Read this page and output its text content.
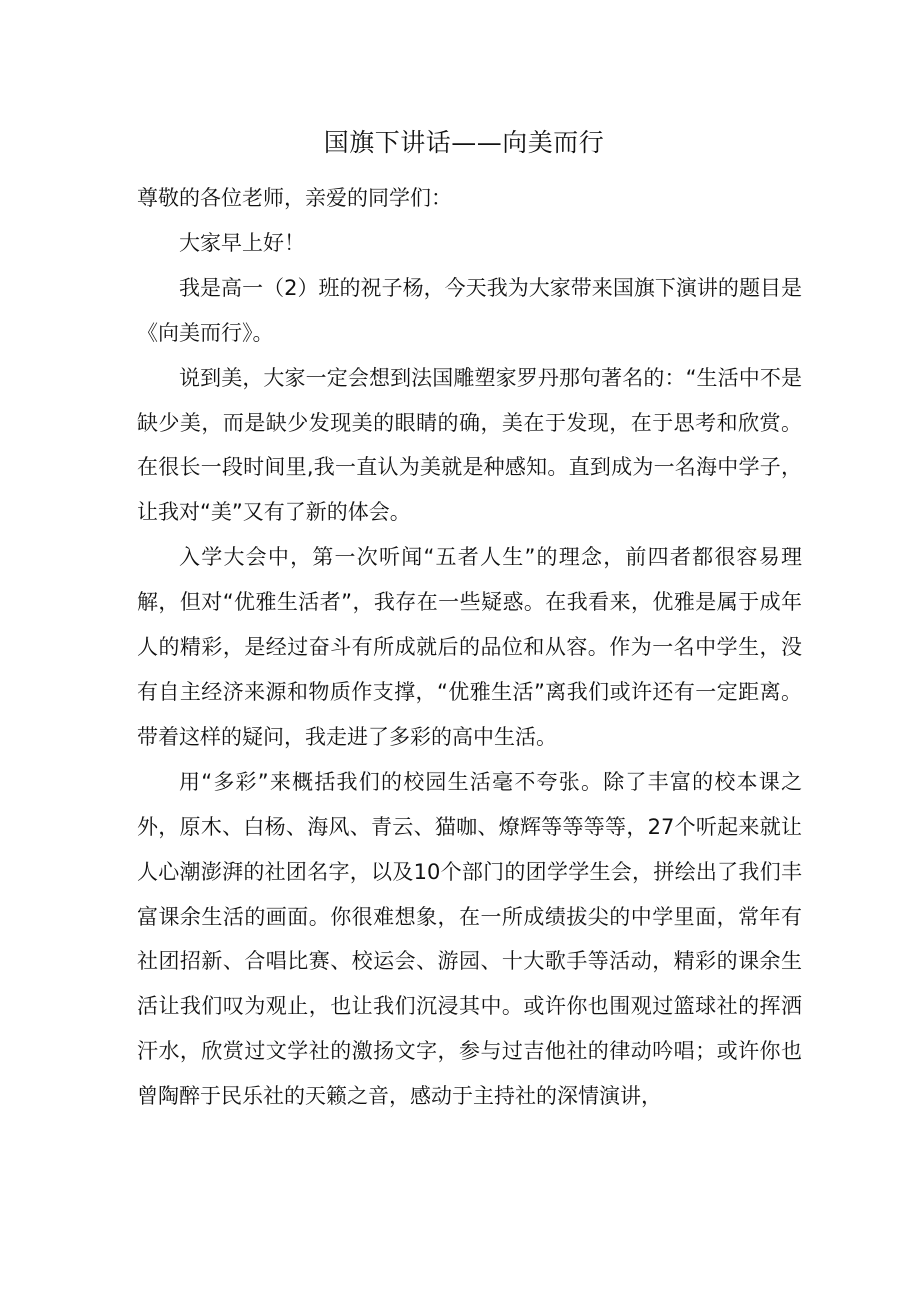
国旗下讲话——向美而行

尊敬的各位老师，亲爱的同学们：

大家早上好！

我是高一（2）班的祝子杨，今天我为大家带来国旗下演讲的题目是《向美而行》。

说到美，大家一定会想到法国雕塑家罗丹那句著名的：“生活中不是缺少美，而是缺少发现美的眼睛的确，美在于发现，在于思考和欣赏。在很长一段时间里,我一直认为美就是种感知。直到成为一名海中学子，让我对“美”又有了新的体会。

入学大会中，第一次听闻“五者人生”的理念，前四者都很容易理解，但对“优雅生活者”，我存在一些疑惑。在我看来，优雅是属于成年人的精彩，是经过奋斗有所成就后的品位和从容。作为一名中学生，没有自主经济来源和物质作支撑，“优雅生活”离我们或许还有一定距离。带着这样的疑问，我走进了多彩的高中生活。

用“多彩”来概括我们的校园生活毫不夸张。除了丰富的校本课之外，原木、白杨、海风、青云、猫咖、燎辉等等等等，27个听起来就让人心潮澎湃的社团名字，以及10个部门的团学学生会，拼绘出了我们丰富课余生活的画面。你很难想象，在一所成绩拔尖的中学里面，常年有社团招新、合唱比赛、校运会、游园、十大歌手等活动，精彩的课余生活让我们叹为观止，也让我们沉浸其中。或许你也围观过篮球社的挥洒汗水，欣赏过文学社的激扬文字，参与过吉他社的律动吟唱；或许你也曾陶醉于民乐社的天籁之音，感动于主持社的深情演讲，
